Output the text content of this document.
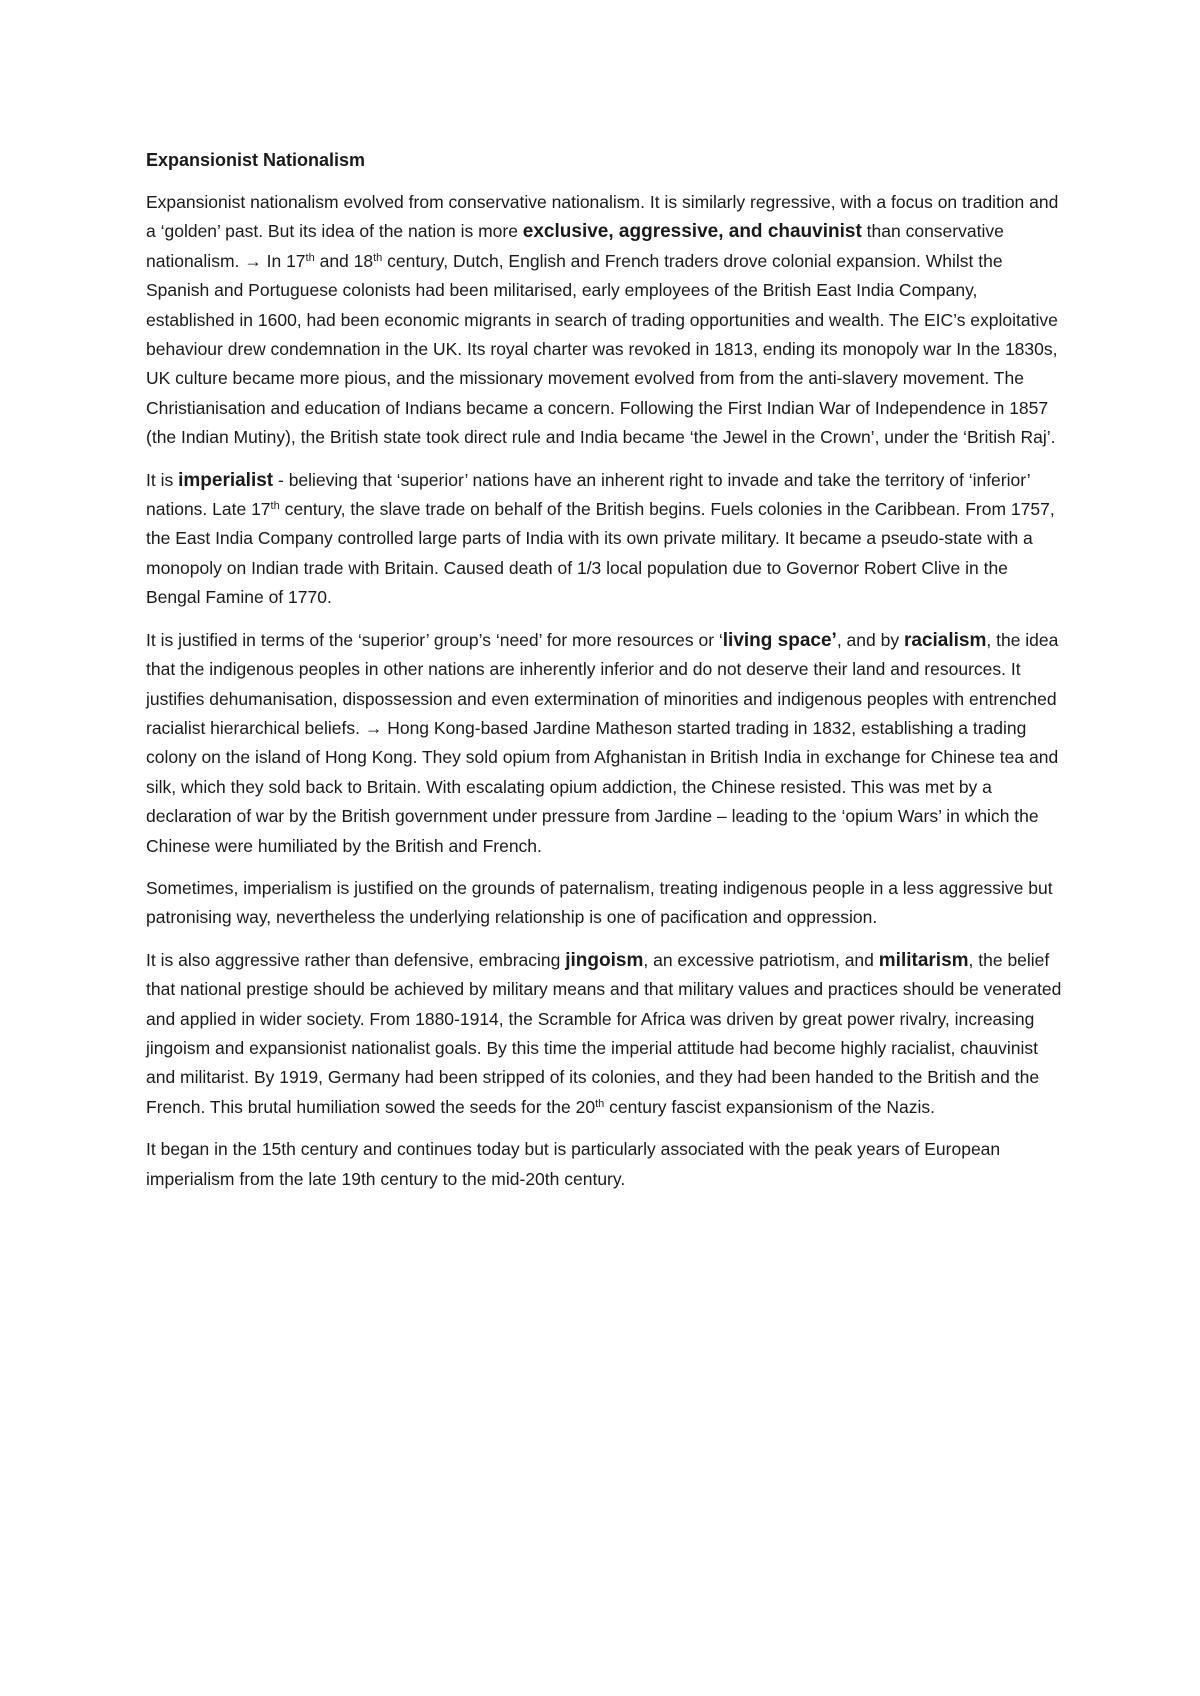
Expansionist Nationalism

Expansionist nationalism evolved from conservative nationalism. It is similarly regressive, with a focus on tradition and a ‘golden’ past. But its idea of the nation is more exclusive, aggressive, and chauvinist than conservative nationalism. → In 17th and 18th century, Dutch, English and French traders drove colonial expansion. Whilst the Spanish and Portuguese colonists had been militarised, early employees of the British East India Company, established in 1600, had been economic migrants in search of trading opportunities and wealth. The EIC’s exploitative behaviour drew condemnation in the UK. Its royal charter was revoked in 1813, ending its monopoly war In the 1830s, UK culture became more pious, and the missionary movement evolved from from the anti-slavery movement. The Christianisation and education of Indians became a concern. Following the First Indian War of Independence in 1857 (the Indian Mutiny), the British state took direct rule and India became ‘the Jewel in the Crown’, under the ‘British Raj’.

It is imperialist - believing that ‘superior’ nations have an inherent right to invade and take the territory of ‘inferior’ nations. Late 17th century, the slave trade on behalf of the British begins. Fuels colonies in the Caribbean. From 1757, the East India Company controlled large parts of India with its own private military. It became a pseudo-state with a monopoly on Indian trade with Britain. Caused death of 1/3 local population due to Governor Robert Clive in the Bengal Famine of 1770.

It is justified in terms of the ‘superior’ group’s ‘need’ for more resources or ‘living space’, and by racialism, the idea that the indigenous peoples in other nations are inherently inferior and do not deserve their land and resources. It justifies dehumanisation, dispossession and even extermination of minorities and indigenous peoples with entrenched racialist hierarchical beliefs. → Hong Kong-based Jardine Matheson started trading in 1832, establishing a trading colony on the island of Hong Kong. They sold opium from Afghanistan in British India in exchange for Chinese tea and silk, which they sold back to Britain. With escalating opium addiction, the Chinese resisted. This was met by a declaration of war by the British government under pressure from Jardine – leading to the ‘opium Wars’ in which the Chinese were humiliated by the British and French.

Sometimes, imperialism is justified on the grounds of paternalism, treating indigenous people in a less aggressive but patronising way, nevertheless the underlying relationship is one of pacification and oppression.

It is also aggressive rather than defensive, embracing jingoism, an excessive patriotism, and militarism, the belief that national prestige should be achieved by military means and that military values and practices should be venerated and applied in wider society. From 1880-1914, the Scramble for Africa was driven by great power rivalry, increasing jingoism and expansionist nationalist goals. By this time the imperial attitude had become highly racialist, chauvinist and militarist. By 1919, Germany had been stripped of its colonies, and they had been handed to the British and the French. This brutal humiliation sowed the seeds for the 20th century fascist expansionism of the Nazis.

It began in the 15th century and continues today but is particularly associated with the peak years of European imperialism from the late 19th century to the mid-20th century.
